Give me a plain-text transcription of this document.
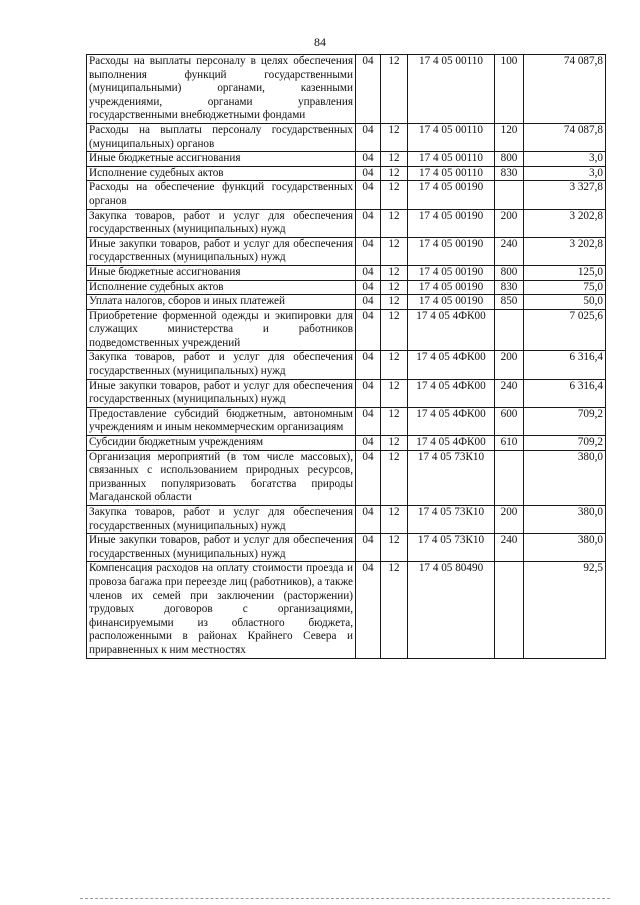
84
Расходы на выплаты персоналу в целях обеспечения выполнения функций государственными (муниципальными) органами, казенными учреждениями, органами управления государственными внебюджетными фондами	04	12	17 4 05 00110	100	74 087,8
Расходы на выплаты персоналу государственных (муниципальных) органов	04	12	17 4 05 00110	120	74 087,8
Иные бюджетные ассигнования	04	12	17 4 05 00110	800	3,0
Исполнение судебных актов	04	12	17 4 05 00110	830	3,0
Расходы на обеспечение функций государственных органов	04	12	17 4 05 00190		3 327,8
Закупка товаров, работ и услуг для обеспечения государственных (муниципальных) нужд	04	12	17 4 05 00190	200	3 202,8
Иные закупки товаров, работ и услуг для обеспечения государственных (муниципальных) нужд	04	12	17 4 05 00190	240	3 202,8
Иные бюджетные ассигнования	04	12	17 4 05 00190	800	125,0
Исполнение судебных актов	04	12	17 4 05 00190	830	75,0
Уплата налогов, сборов и иных платежей	04	12	17 4 05 00190	850	50,0
Приобретение форменной одежды и экипировки для служащих министерства и работников подведомственных учреждений	04	12	17 4 05 4ФК00		7 025,6
Закупка товаров, работ и услуг для обеспечения государственных (муниципальных) нужд	04	12	17 4 05 4ФК00	200	6 316,4
Иные закупки товаров, работ и услуг для обеспечения государственных (муниципальных) нужд	04	12	17 4 05 4ФК00	240	6 316,4
Предоставление субсидий бюджетным, автономным учреждениям и иным некоммерческим организациям	04	12	17 4 05 4ФК00	600	709,2
Субсидии бюджетным учреждениям	04	12	17 4 05 4ФК00	610	709,2
Организация мероприятий (в том числе массовых), связанных с использованием природных ресурсов, призванных популяризовать богатства природы Магаданской области	04	12	17 4 05 73К10		380,0
Закупка товаров, работ и услуг для обеспечения государственных (муниципальных) нужд	04	12	17 4 05 73К10	200	380,0
Иные закупки товаров, работ и услуг для обеспечения государственных (муниципальных) нужд	04	12	17 4 05 73К10	240	380,0
Компенсация расходов на оплату стоимости проезда и провоза багажа при переезде лиц (работников), а также членов их семей при заключении (расторжении) трудовых договоров с организациями, финансируемыми из областного бюджета, расположенными в районах Крайнего Севера и приравненных к ним местностях	04	12	17 4 05 80490		92,5
